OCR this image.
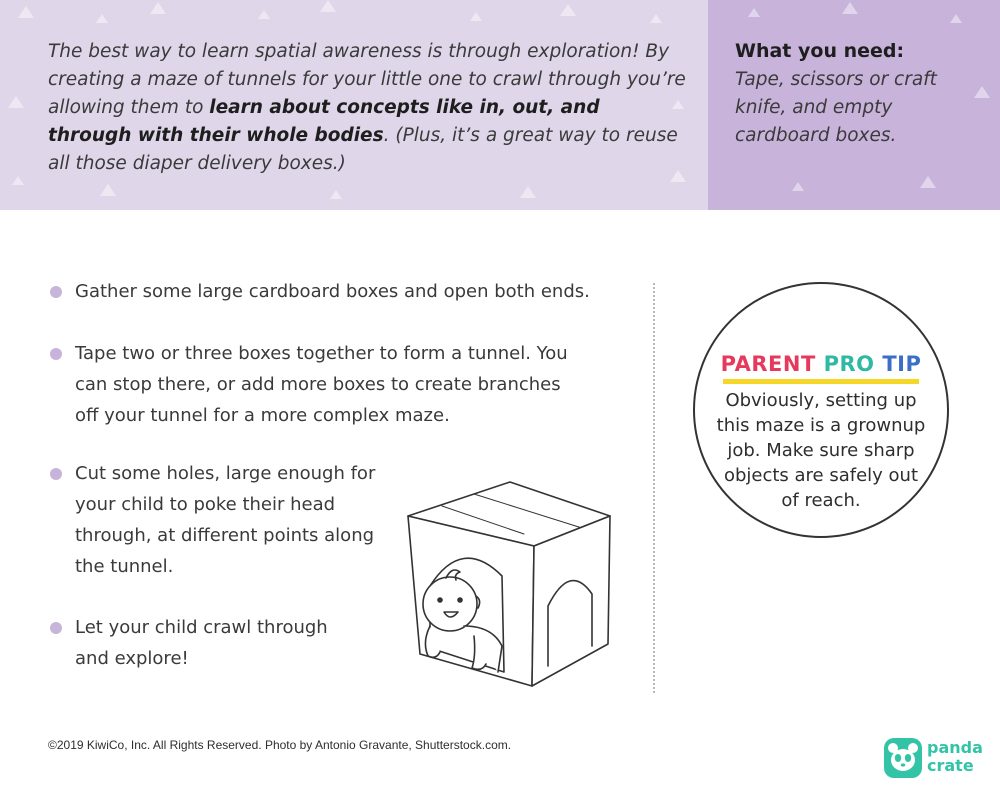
The best way to learn spatial awareness is through exploration! By creating a maze of tunnels for your little one to crawl through you’re allowing them to learn about concepts like in, out, and through with their whole bodies. (Plus, it’s a great way to reuse all those diaper delivery boxes.)

What you need:
Tape, scissors or craft knife, and empty cardboard boxes.
Gather some large cardboard boxes and open both ends.
Tape two or three boxes together to form a tunnel. You can stop there, or add more boxes to create branches off your tunnel for a more complex maze.
Cut some holes, large enough for your child to poke their head through, at different points along the tunnel.
Let your child crawl through and explore!
PARENT PRO TIP
Obviously, setting up this maze is a grownup job. Make sure sharp objects are safely out of reach.
©2019 KiwiCo, Inc. All Rights Reserved. Photo by Antonio Gravante, Shutterstock.com.	panda
crate
